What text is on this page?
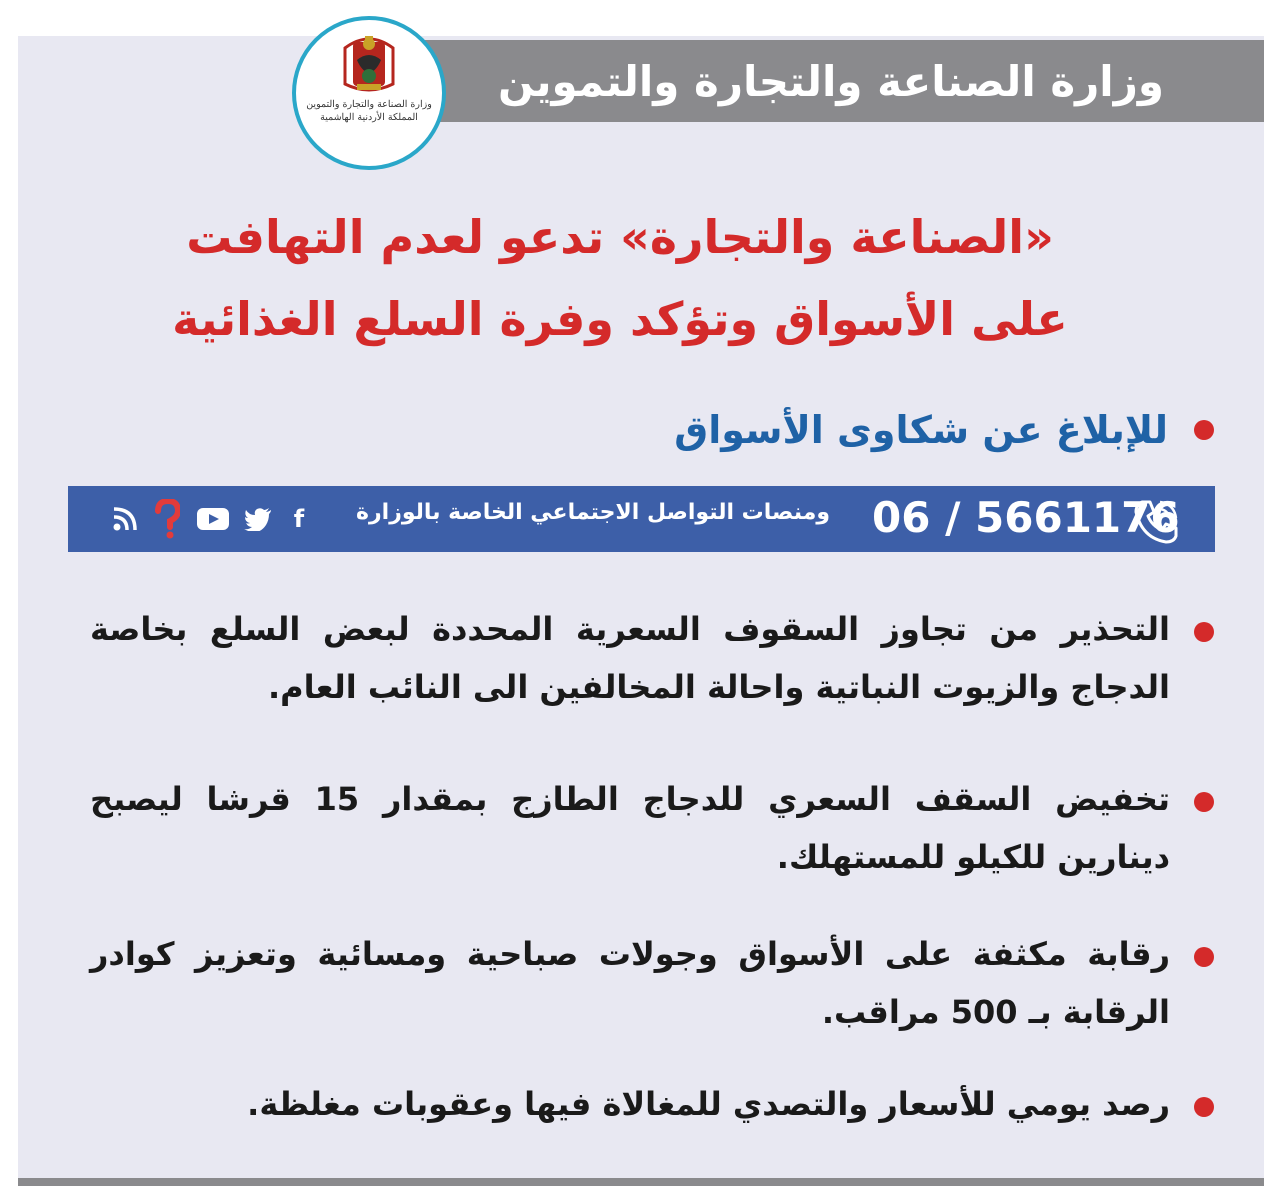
وزارة الصناعة والتجارة والتموين
وزارة الصناعة والتجارة والتموين
المملكة الأردنية الهاشمية
«الصناعة والتجارة» تدعو لعدم التهافت
على الأسواق وتؤكد وفرة السلع الغذائية
للإبلاغ عن شكاوى الأسواق
06 / 5661176
ومنصات التواصل الاجتماعي الخاصة بالوزارة
f
التحذير من تجاوز السقوف السعرية المحددة لبعض السلع بخاصة الدجاج والزيوت النباتية واحالة المخالفين الى النائب العام.
تخفيض السقف السعري للدجاج الطازج بمقدار 15 قرشا ليصبح دينارين للكيلو للمستهلك.
رقابة مكثفة على الأسواق وجولات صباحية ومسائية وتعزيز كوادر الرقابة بـ 500 مراقب.
رصد يومي للأسعار والتصدي للمغالاة فيها وعقوبات مغلظة.
